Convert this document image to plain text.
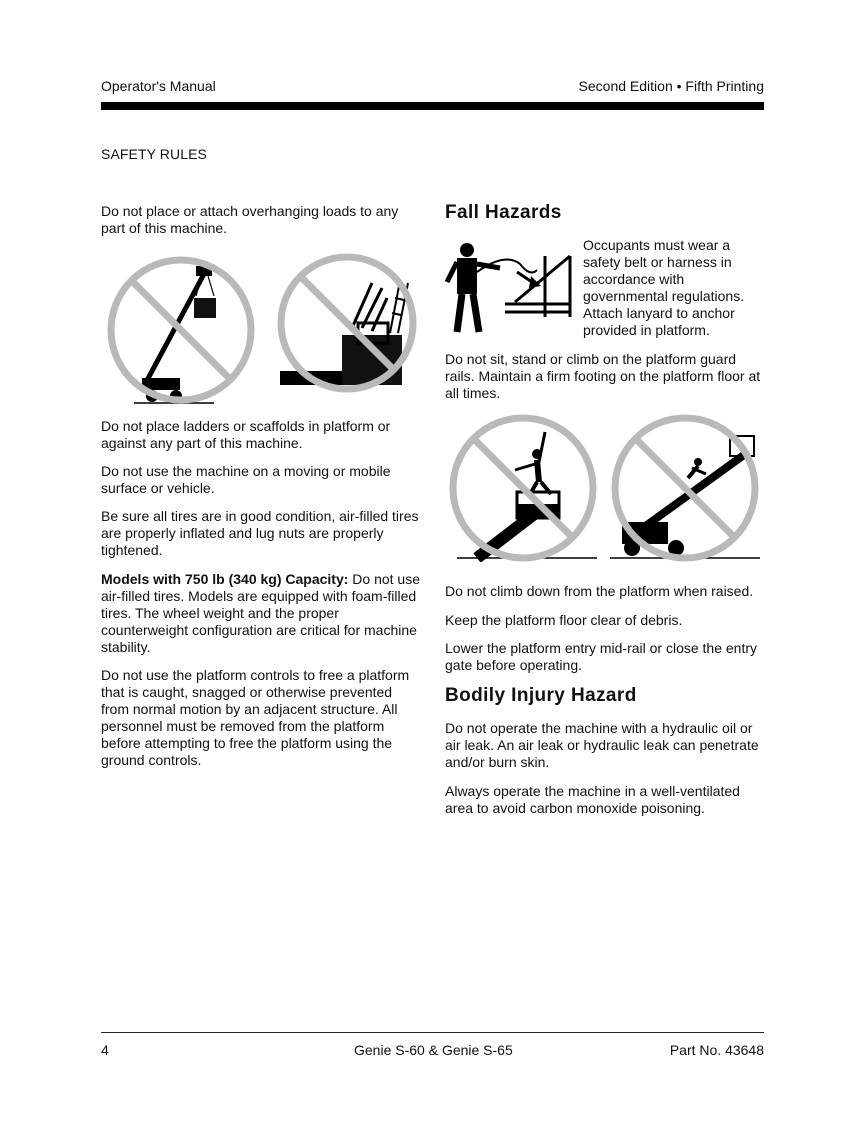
Operator's Manual	Second Edition • Fifth Printing
SAFETY RULES

Do not place or attach overhanging loads to any part of this machine.

Do not place ladders or scaffolds in platform or against any part of this machine.

Do not use the machine on a moving or mobile surface or vehicle.

Be sure all tires are in good condition, air-filled tires are properly inflated and lug nuts are properly tightened.

Models with 750 lb (340 kg) Capacity: Do not use air-filled tires. Models are equipped with foam-filled tires. The wheel weight and the proper counterweight configuration are critical for machine stability.

Do not use the platform controls to free a platform that is caught, snagged or otherwise prevented from normal motion by an adjacent structure. All personnel must be removed from the platform before attempting to free the platform using the ground controls.

Fall Hazards

Occupants must wear a safety belt or harness in accordance with governmental regulations. Attach lanyard to anchor provided in platform.

Do not sit, stand or climb on the platform guard rails. Maintain a firm footing on the platform floor at all times.

Do not climb down from the platform when raised.

Keep the platform floor clear of debris.

Lower the platform entry mid-rail or close the entry gate before operating.

Bodily Injury Hazard

Do not operate the machine with a hydraulic oil or air leak. An air leak or hydraulic leak can penetrate and/or burn skin.

Always operate the machine in a well-ventilated area to avoid carbon monoxide poisoning.

4	Genie S-60 & Genie S-65	Part No. 43648
